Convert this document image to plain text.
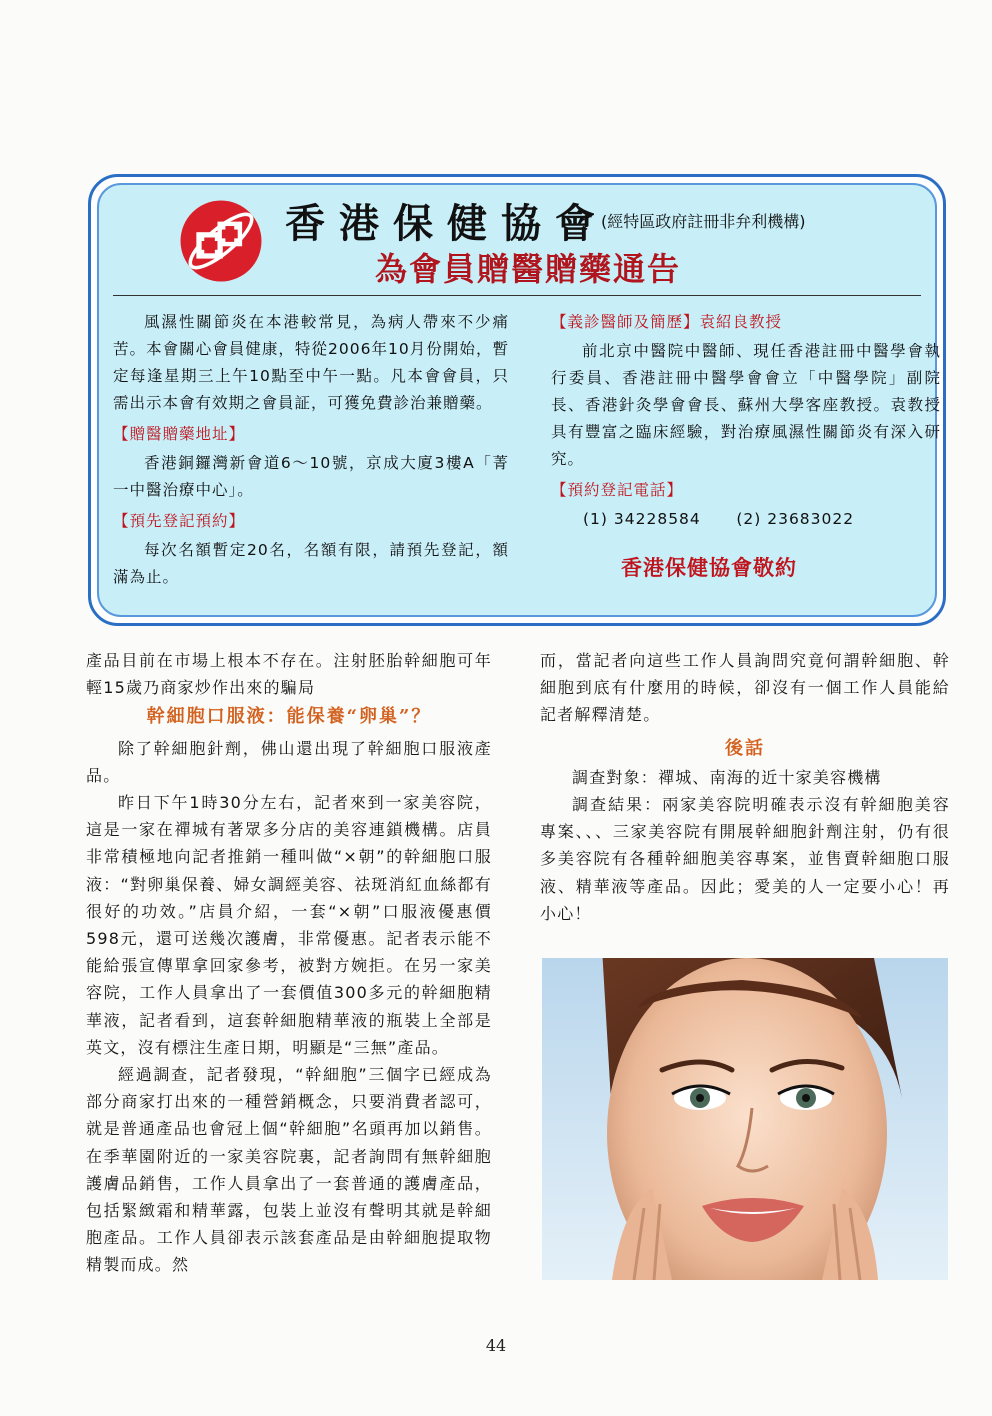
香港保健協會
(經特區政府註冊非弁利機構)
為會員贈醫贈藥通告

風濕性關節炎在本港較常見，為病人帶來不少痛苦。本會關心會員健康，特從2006年10月份開始，暫定每逢星期三上午10點至中午一點。凡本會會員，只需出示本會有效期之會員証，可獲免費診治兼贈藥。

【贈醫贈藥地址】

香港銅鑼灣新會道6～10號，京成大廈3樓A「菁一中醫治療中心」。

【預先登記預約】

每次名額暫定20名，名額有限，請預先登記，額滿為止。

【義診醫師及簡歷】袁紹良教授

前北京中醫院中醫師、現任香港註冊中醫學會執行委員、香港註冊中醫學會會立「中醫學院」副院長、香港針灸學會會長、蘇州大學客座教授。袁教授具有豐富之臨床經驗，對治療風濕性關節炎有深入研究。

【預約登記電話】
(1) 34228584 (2) 23683022
香港保健協會敬約

產品目前在市場上根本不存在。注射胚胎幹細胞可年輕15歲乃商家炒作出來的騙局

幹細胞口服液：能保養“卵巢”？

除了幹細胞針劑，佛山還出現了幹細胞口服液產品。

昨日下午1時30分左右，記者來到一家美容院，這是一家在禪城有著眾多分店的美容連鎖機構。店員非常積極地向記者推銷一種叫做“×朝”的幹細胞口服液：“對卵巢保養、婦女調經美容、祛斑消紅血絲都有很好的功效。”店員介紹，一套“×朝”口服液優惠價598元，還可送幾次護膚，非常優惠。記者表示能不能給張宣傳單拿回家參考，被對方婉拒。在另一家美容院，工作人員拿出了一套價值300多元的幹細胞精華液，記者看到，這套幹細胞精華液的瓶裝上全部是英文，沒有標注生產日期，明顯是“三無”產品。

經過調查，記者發現，“幹細胞”三個字已經成為部分商家打出來的一種營銷概念，只要消費者認可，就是普通產品也會冠上個“幹細胞”名頭再加以銷售。在季華園附近的一家美容院裏，記者詢問有無幹細胞護膚品銷售，工作人員拿出了一套普通的護膚產品，包括緊緻霜和精華露，包裝上並沒有聲明其就是幹細胞產品。工作人員卻表示該套產品是由幹細胞提取物精製而成。然

而，當記者向這些工作人員詢問究竟何謂幹細胞、幹細胞到底有什麼用的時候，卻沒有一個工作人員能給記者解釋清楚。

後話

調查對象：禪城、南海的近十家美容機構

調查結果：兩家美容院明確表示沒有幹細胞美容專案、、、三家美容院有開展幹細胞針劑注射，仍有很多美容院有各種幹細胞美容專案，並售賣幹細胞口服液、精華液等產品。因此；愛美的人一定要小心！再小心！

44
